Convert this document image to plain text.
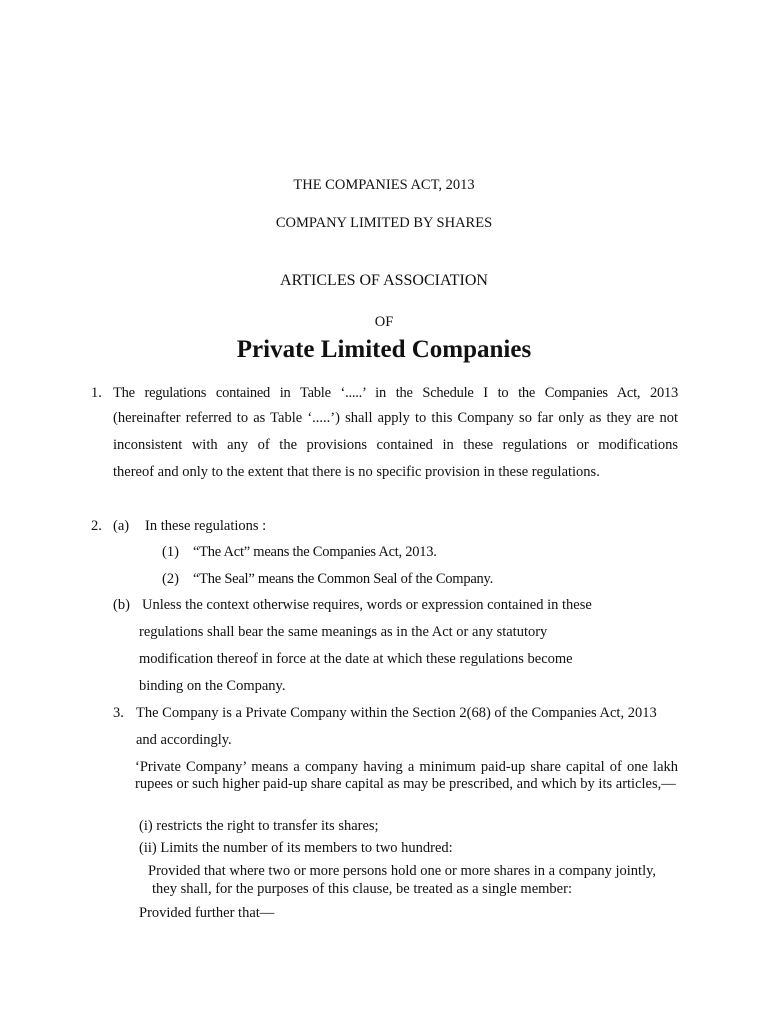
THE COMPANIES ACT, 2013
COMPANY LIMITED BY SHARES
ARTICLES OF ASSOCIATION
OF
Private Limited Companies
1. The regulations contained in Table ‘.....’ in the Schedule I to the Companies Act, 2013
(hereinafter referred to as Table ‘.....’) shall apply to this Company so far only as they are not
inconsistent with any of the provisions contained in these regulations or modifications
thereof and only to the extent that there is no specific provision in these regulations.
2. (a) In these regulations :
(1) “The Act” means the Companies Act, 2013.
(2) “The Seal” means the Common Seal of the Company.
(b) Unless the context otherwise requires, words or expression contained in these
regulations shall bear the same meanings as in the Act or any statutory
modification thereof in force at the date at which these regulations become
binding on the Company.
3. The Company is a Private Company within the Section 2(68) of the Companies Act, 2013
and accordingly.
‘Private Company’ means a company having a minimum paid-up share capital of one lakh rupees or such higher paid-up share capital as may be prescribed, and which by its articles,—
(i) restricts the right to transfer its shares;
(ii) Limits the number of its members to two hundred:
Provided that where two or more persons hold one or more shares in a company jointly,
they shall, for the purposes of this clause, be treated as a single member:
Provided further that—
